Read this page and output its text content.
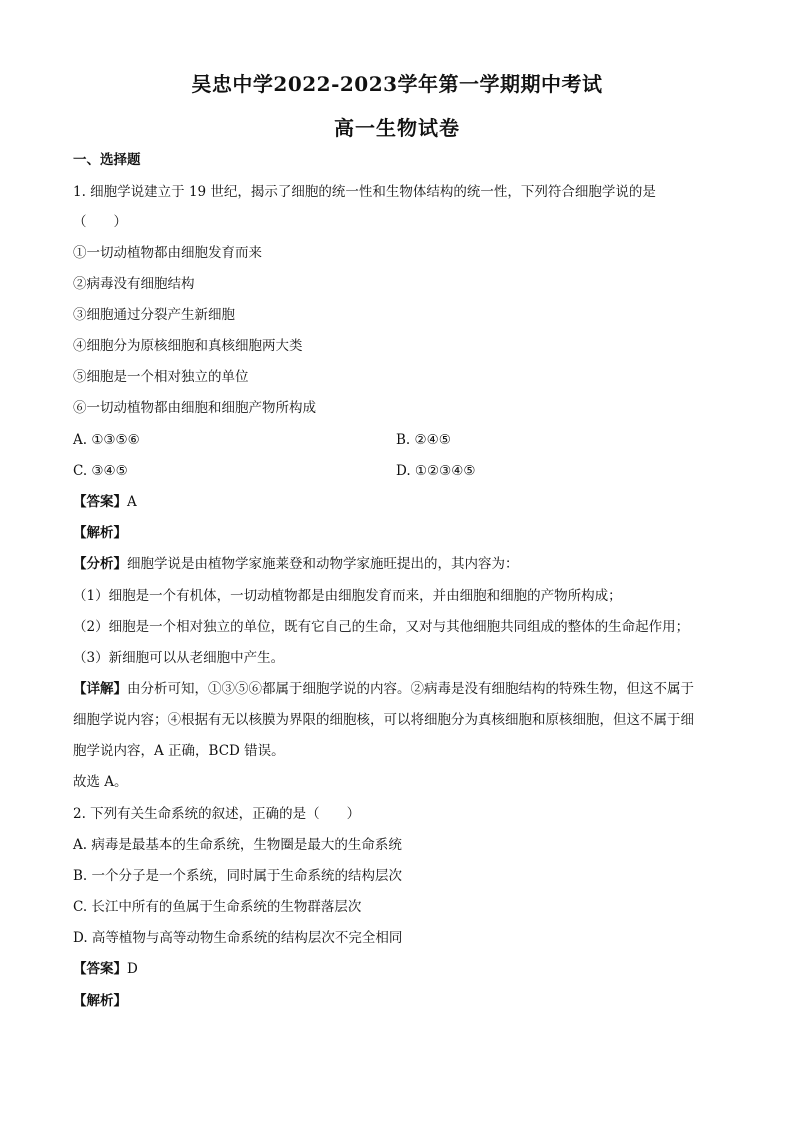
吴忠中学2022-2023学年第一学期期中考试
高一生物试卷
一、选择题
1. 细胞学说建立于 19 世纪，揭示了细胞的统一性和生物体结构的统一性，下列符合细胞学说的是
（　　）
①一切动植物都由细胞发育而来
②病毒没有细胞结构
③细胞通过分裂产生新细胞
④细胞分为原核细胞和真核细胞两大类
⑤细胞是一个相对独立的单位
⑥一切动植物都由细胞和细胞产物所构成
A. ①③⑤⑥	B. ②④⑤
C. ③④⑤	D. ①②③④⑤
【答案】A
【解析】
【分析】细胞学说是由植物学家施莱登和动物学家施旺提出的，其内容为：
（1）细胞是一个有机体，一切动植物都是由细胞发育而来，并由细胞和细胞的产物所构成；
（2）细胞是一个相对独立的单位，既有它自己的生命，又对与其他细胞共同组成的整体的生命起作用；
（3）新细胞可以从老细胞中产生。
【详解】由分析可知，①③⑤⑥都属于细胞学说的内容。②病毒是没有细胞结构的特殊生物，但这不属于
细胞学说内容；④根据有无以核膜为界限的细胞核，可以将细胞分为真核细胞和原核细胞，但这不属于细
胞学说内容，A 正确，BCD 错误。
故选 A。
2. 下列有关生命系统的叙述，正确的是（　　）
A. 病毒是最基本的生命系统，生物圈是最大的生命系统
B. 一个分子是一个系统，同时属于生命系统的结构层次
C. 长江中所有的鱼属于生命系统的生物群落层次
D. 高等植物与高等动物生命系统的结构层次不完全相同
【答案】D
【解析】
